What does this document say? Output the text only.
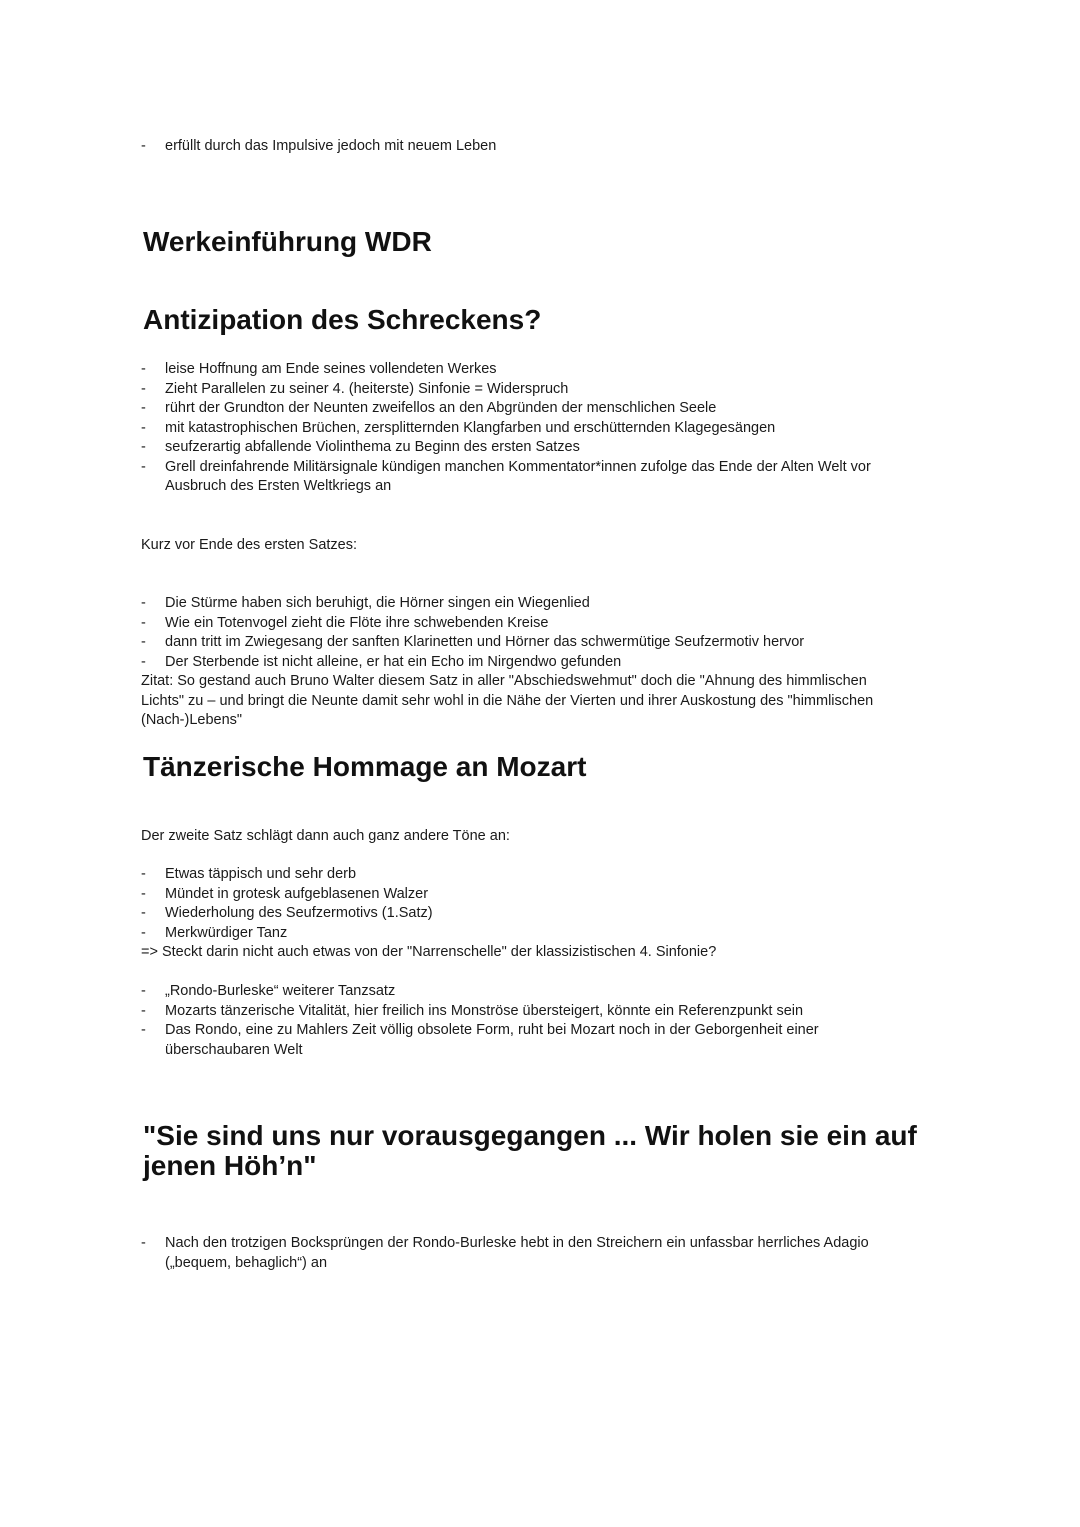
- erfüllt durch das Impulsive jedoch mit neuem Leben
Werkeinführung WDR
Antizipation des Schreckens?
- leise Hoffnung am Ende seines vollendeten Werkes
- Zieht Parallelen zu seiner 4. (heiterste) Sinfonie = Widerspruch
- rührt der Grundton der Neunten zweifellos an den Abgründen der menschlichen Seele
- mit katastrophischen Brüchen, zersplitternden Klangfarben und erschütternden Klagegesängen
- seufzerartig abfallende Violinthema zu Beginn des ersten Satzes
- Grell dreinfahrende Militärsignale kündigen manchen Kommentator*innen zufolge das Ende der Alten Welt vor Ausbruch des Ersten Weltkriegs an

Kurz vor Ende des ersten Satzes:

- Die Stürme haben sich beruhigt, die Hörner singen ein Wiegenlied
- Wie ein Totenvogel zieht die Flöte ihre schwebenden Kreise
- dann tritt im Zwiegesang der sanften Klarinetten und Hörner das schwermütige Seufzermotiv hervor
- Der Sterbende ist nicht alleine, er hat ein Echo im Nirgendwo gefunden

Zitat: So gestand auch Bruno Walter diesem Satz in aller "Abschiedswehmut" doch die "Ahnung des himmlischen Lichts" zu – und bringt die Neunte damit sehr wohl in die Nähe der Vierten und ihrer Auskostung des "himmlischen (Nach-)Lebens"

Tänzerische Hommage an Mozart

Der zweite Satz schlägt dann auch ganz andere Töne an:

- Etwas täppisch und sehr derb
- Mündet in grotesk aufgeblasenen Walzer
- Wiederholung des Seufzermotivs (1.Satz)
- Merkwürdiger Tanz

=> Steckt darin nicht auch etwas von der "Narrenschelle" der klassizistischen 4. Sinfonie?

- „Rondo-Burleske“ weiterer Tanzsatz
- Mozarts tänzerische Vitalität, hier freilich ins Monströse übersteigert, könnte ein Referenzpunkt sein
- Das Rondo, eine zu Mahlers Zeit völlig obsolete Form, ruht bei Mozart noch in der Geborgenheit einer überschaubaren Welt
"Sie sind uns nur vorausgegangen ... Wir holen sie ein auf jenen Höh’n"
- Nach den trotzigen Bocksprüngen der Rondo-Burleske hebt in den Streichern ein unfassbar herrliches Adagio („bequem, behaglich“) an
